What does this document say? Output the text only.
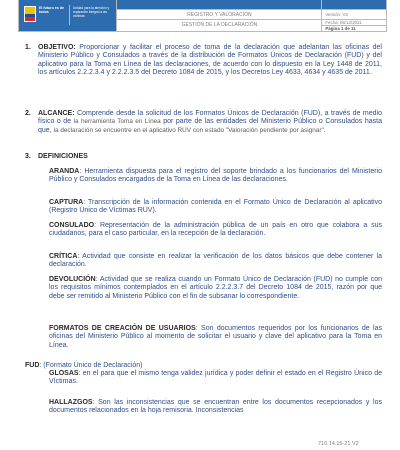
El futuro es de todos
Unidad para la atención y reparación integral a las víctimas	REGISTRO Y VALORACIÓN
GESTIÓN DE LA DECLARACIÓN
Versión: V3
Fecha: 06/12/2021
Página 1 de 11
1. OBJETIVO: Proporcionar y facilitar el proceso de toma de la declaración que adelantan las oficinas del Ministerio Público y Consulados a través de la distribución de Formatos Únicos de Declaración (FUD) y del aplicativo para la Toma en Línea de las declaraciones, de acuerdo con lo dispuesto en la Ley 1448 de 2011, los artículos 2.2.2.3.4 y 2.2.2.3.5 del Decreto 1084 de 2015, y los Decretos Ley 4633, 4634 y 4635 de 2011.
2. ALCANCE: Comprende desde la solicitud de los Formatos Únicos de Declaración (FUD), a través de medio físico o de la herramienta Toma en Línea por parte de las entidades del Ministerio Público o Consulados hasta que, la declaración se encuentre en el aplicativo RUV con estado "Valoración pendiente por asignar".
3. DEFINICIONES
ARANDA: Herramienta dispuesta para el registro del soporte brindado a los funcionarios del Ministerio Público y Consulados encargados de la Toma en Línea de las declaraciones.
CAPTURA: Transcripción de la información contenida en el Formato Único de Declaración al aplicativo (Registro Único de Víctimas RUV).
CONSULADO: Representación de la administración pública de un país en otro que colabora a sus ciudadanos, para el caso particular, en la recepción de la declaración.
CRÍTICA: Actividad que consiste en realizar la verificación de los datos básicos que debe contener la declaración.
DEVOLUCIÓN: Actividad que se realiza cuando un Formato Único de Declaración (FUD) no cumple con los requisitos mínimos contemplados en el artículo 2.2.2.3.7 del Decreto 1084 de 2015, razón por que debe ser remitido al Ministerio Público con el fin de subsanar lo correspondiente.
FORMATOS DE CREACIÓN DE USUARIOS: Son documentos requeridos por los funcionarios de las oficinas del Ministerio Público al momento de solicitar el usuario y clave del aplicativo para la Toma en Línea.
FUD: (Formato Único de Declaración)
GLOSAS: en el para que el mismo tenga validez jurídica y poder definir el estado en el Registro Único de Víctimas.
HALLAZGOS: Son las inconsistencias que se encuentran entre los documentos recepcionados y los documentos relacionados en la hoja remisoria. Inconsistencias
710.14.15-21 V2
